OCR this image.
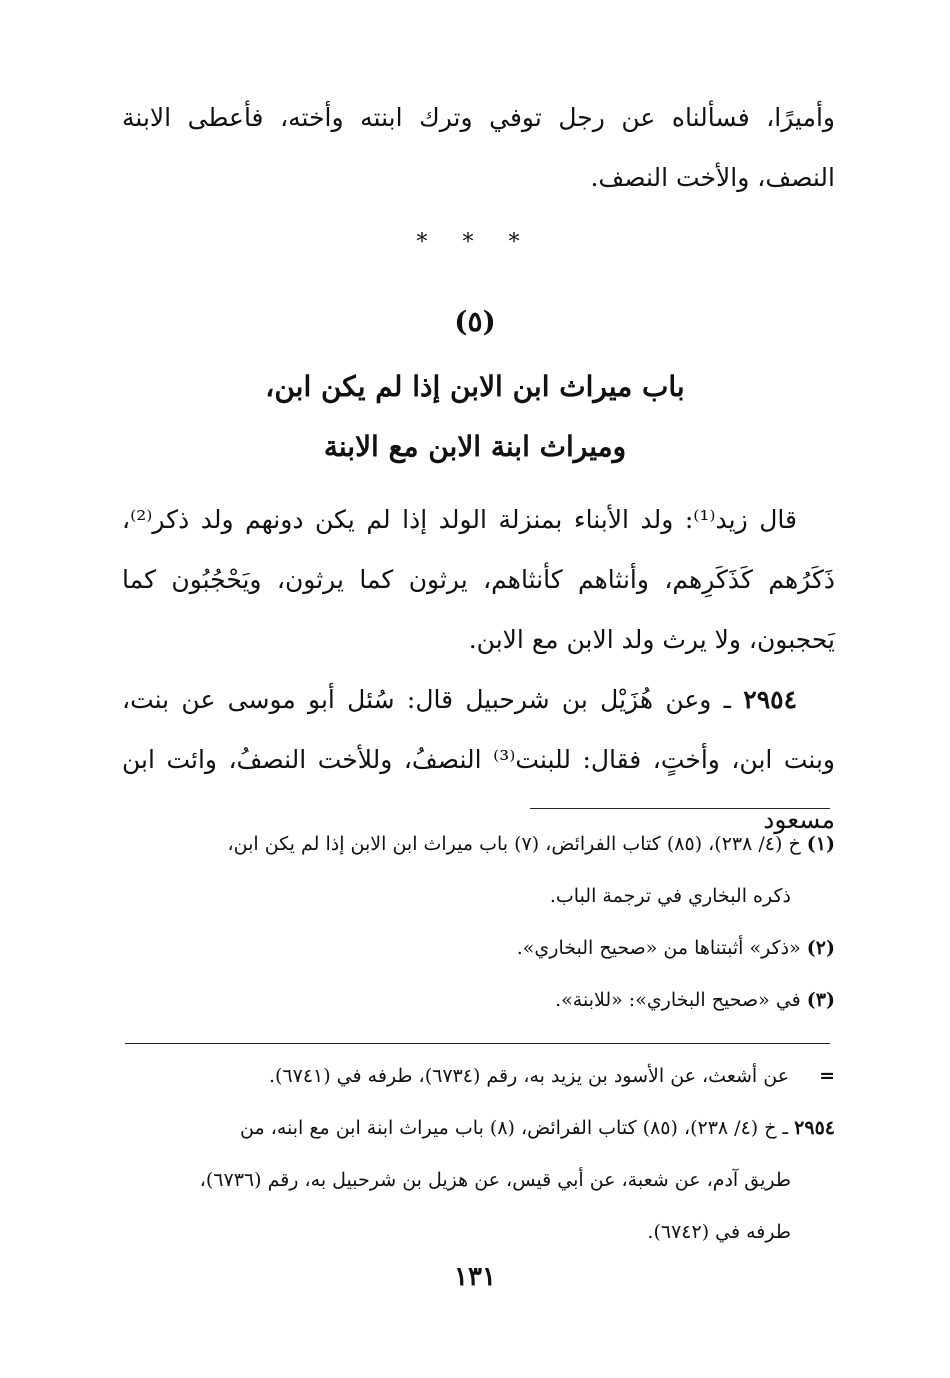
وأميرًا، فسألناه عن رجل توفي وترك ابنته وأخته، فأعطى الابنة النصف، والأخت النصف.
* * *
(٥)
باب ميراث ابن الابن إذا لم يكن ابن،
وميراث ابنة الابن مع الابنة
قال زيد⁽¹⁾: ولد الأبناء بمنزلة الولد إذا لم يكن دونهم ولد ذكر⁽²⁾، ذَكَرُهم كَذَكَرِهم، وأنثاهم كأنثاهم، يرثون كما يرثون، ويَحْجُبُون كما يَحجبون، ولا يرث ولد الابن مع الابن.
٢٩٥٤ ـ وعن هُزَيْل بن شرحبيل قال: سُئل أبو موسى عن بنت، وبنت ابن، وأختٍ، فقال: للبنت⁽³⁾ النصفُ، وللأخت النصفُ، وائت ابن مسعود
(١) خ (٤/ ٢٣٨)، (٨٥) كتاب الفرائض، (٧) باب ميراث ابن الابن إذا لم يكن ابن،
ذكره البخاري في ترجمة الباب.
(٢) «ذكر» أثبتناها من «صحيح البخاري».
(٣) في «صحيح البخاري»: «للابنة».
= عن أشعث، عن الأسود بن يزيد به، رقم (٦٧٣٤)، طرفه في (٦٧٤١).
٢٩٥٤ ـ خ (٤/ ٢٣٨)، (٨٥) كتاب الفرائض، (٨) باب ميراث ابنة ابن مع ابنه، من
طريق آدم، عن شعبة، عن أبي قيس، عن هزيل بن شرحبيل به، رقم (٦٧٣٦)،
طرفه في (٦٧٤٢).
١٣١
